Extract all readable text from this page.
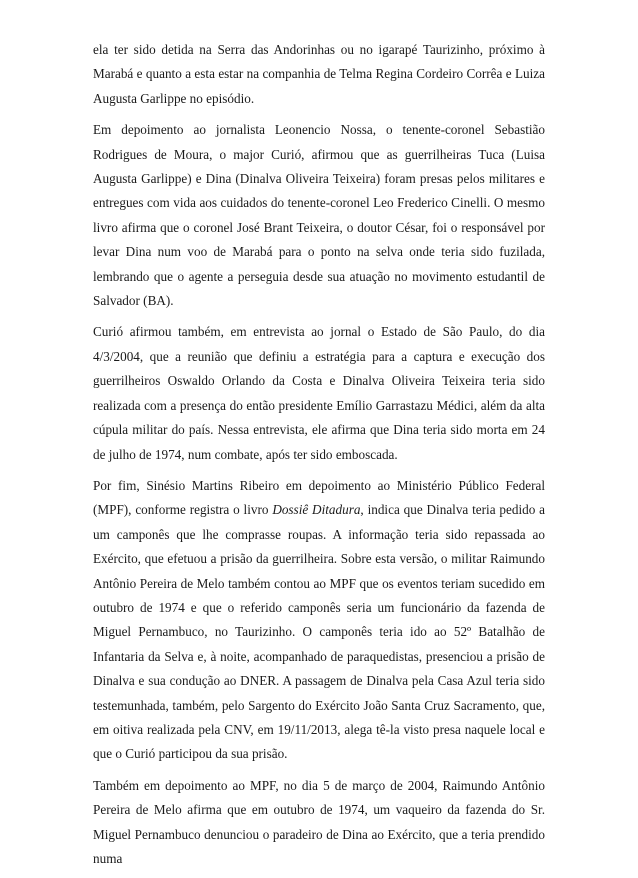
ela ter sido detida na Serra das Andorinhas ou no igarapé Taurizinho, próximo à Marabá e quanto a esta estar na companhia de Telma Regina Cordeiro Corrêa e Luiza Augusta Garlippe no episódio.

Em depoimento ao jornalista Leonencio Nossa, o tenente-coronel Sebastião Rodrigues de Moura, o major Curió, afirmou que as guerrilheiras Tuca (Luisa Augusta Garlippe) e Dina (Dinalva Oliveira Teixeira) foram presas pelos militares e entregues com vida aos cuidados do tenente-coronel Leo Frederico Cinelli. O mesmo livro afirma que o coronel José Brant Teixeira, o doutor César, foi o responsável por levar Dina num voo de Marabá para o ponto na selva onde teria sido fuzilada, lembrando que o agente a perseguia desde sua atuação no movimento estudantil de Salvador (BA).

Curió afirmou também, em entrevista ao jornal o Estado de São Paulo, do dia 4/3/2004, que a reunião que definiu a estratégia para a captura e execução dos guerrilheiros Oswaldo Orlando da Costa e Dinalva Oliveira Teixeira teria sido realizada com a presença do então presidente Emílio Garrastazu Médici, além da alta cúpula militar do país. Nessa entrevista, ele afirma que Dina teria sido morta em 24 de julho de 1974, num combate, após ter sido emboscada.

Por fim, Sinésio Martins Ribeiro em depoimento ao Ministério Público Federal (MPF), conforme registra o livro Dossiê Ditadura, indica que Dinalva teria pedido a um camponês que lhe comprasse roupas. A informação teria sido repassada ao Exército, que efetuou a prisão da guerrilheira. Sobre esta versão, o militar Raimundo Antônio Pereira de Melo também contou ao MPF que os eventos teriam sucedido em outubro de 1974 e que o referido camponês seria um funcionário da fazenda de Miguel Pernambuco, no Taurizinho. O camponês teria ido ao 52º Batalhão de Infantaria da Selva e, à noite, acompanhado de paraquedistas, presenciou a prisão de Dinalva e sua condução ao DNER. A passagem de Dinalva pela Casa Azul teria sido testemunhada, também, pelo Sargento do Exército João Santa Cruz Sacramento, que, em oitiva realizada pela CNV, em 19/11/2013, alega tê-la visto presa naquele local e que o Curió participou da sua prisão.

Também em depoimento ao MPF, no dia 5 de março de 2004, Raimundo Antônio Pereira de Melo afirma que em outubro de 1974, um vaqueiro da fazenda do Sr. Miguel Pernambuco denunciou o paradeiro de Dina ao Exército, que a teria prendido numa
